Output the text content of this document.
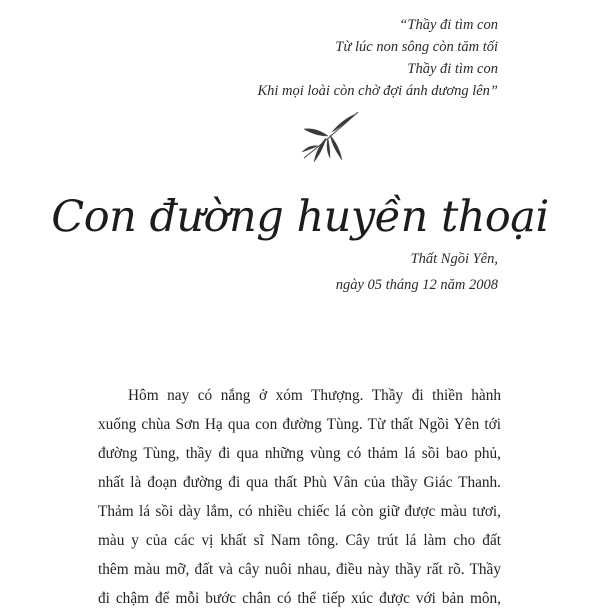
“Thầy đi tìm con
Từ lúc non sông còn tăm tối
Thầy đi tìm con
Khi mọi loài còn chờ đợi ánh dương lên”
Con đường huyền thoại
Thất Ngồi Yên,
ngày 05 tháng 12 năm 2008
Hôm nay có nắng ở xóm Thượng. Thầy đi thiền hành
xuống chùa Sơn Hạ qua con đường Tùng. Từ thất Ngồi Yên tới
đường Tùng, thầy đi qua những vùng có thảm lá sồi bao phủ,
nhất là đoạn đường đi qua thất Phù Vân của thầy Giác Thanh.
Thảm lá sồi dày lắm, có nhiều chiếc lá còn giữ được màu tươi,
màu y của các vị khất sĩ Nam tông. Cây trút lá làm cho đất
thêm màu mỡ, đất và cây nuôi nhau, điều này thầy rất rõ. Thầy
đi chậm để mỗi bước chân có thể tiếp xúc được với bản môn,
